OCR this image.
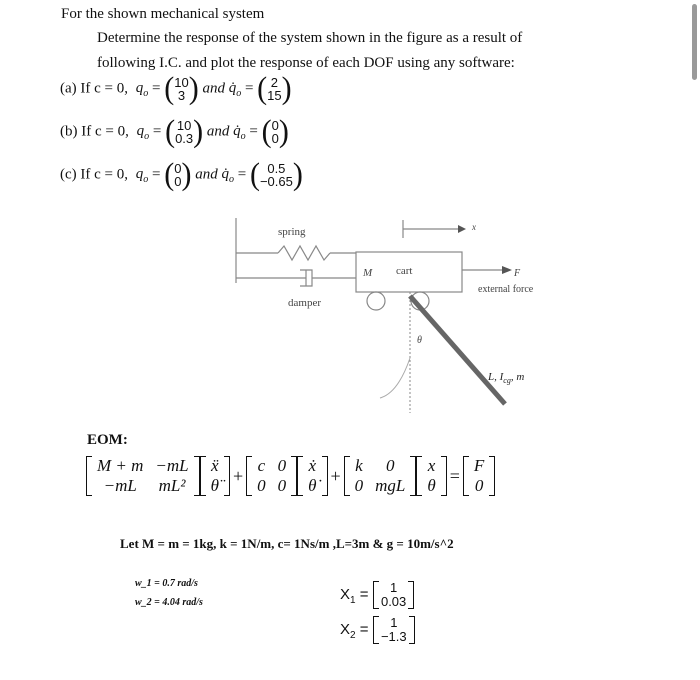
For the shown mechanical system
Determine the response of the system shown in the figure as a result of
following I.C. and plot the response of each DOF using any software:
(a) If c = 0, $q_o$ = ( 10
3 ) and $q̇_o$ = ( 2
15 )
(b) If c = 0, $q_o$ = ( 10
0.3 ) and $q̇_o$ = ( 0
0 )
(c) If c = 0, $q_o$ = ( 0
0 ) and $q̇_o$ = ( 0.5
−0.65 )
spring
damper
M cart
x
F
external force
θ
L, $I_{cg}$, m
EOM:
M + m	−mL
−mL	mL²
ẍ
θ̈ + c	0
0	0
ẋ
θ̇ + k	0
0	mgL
x
θ = F
0
Let M = m = 1kg, k = 1N/m, c= 1Ns/m ,L=3m & g = 10m/s^2
w_1 = 0.7 rad/s
w_2 = 4.04 rad/s	$X_1 = 1$
0.03
$X_2 = 1$
−1.3
